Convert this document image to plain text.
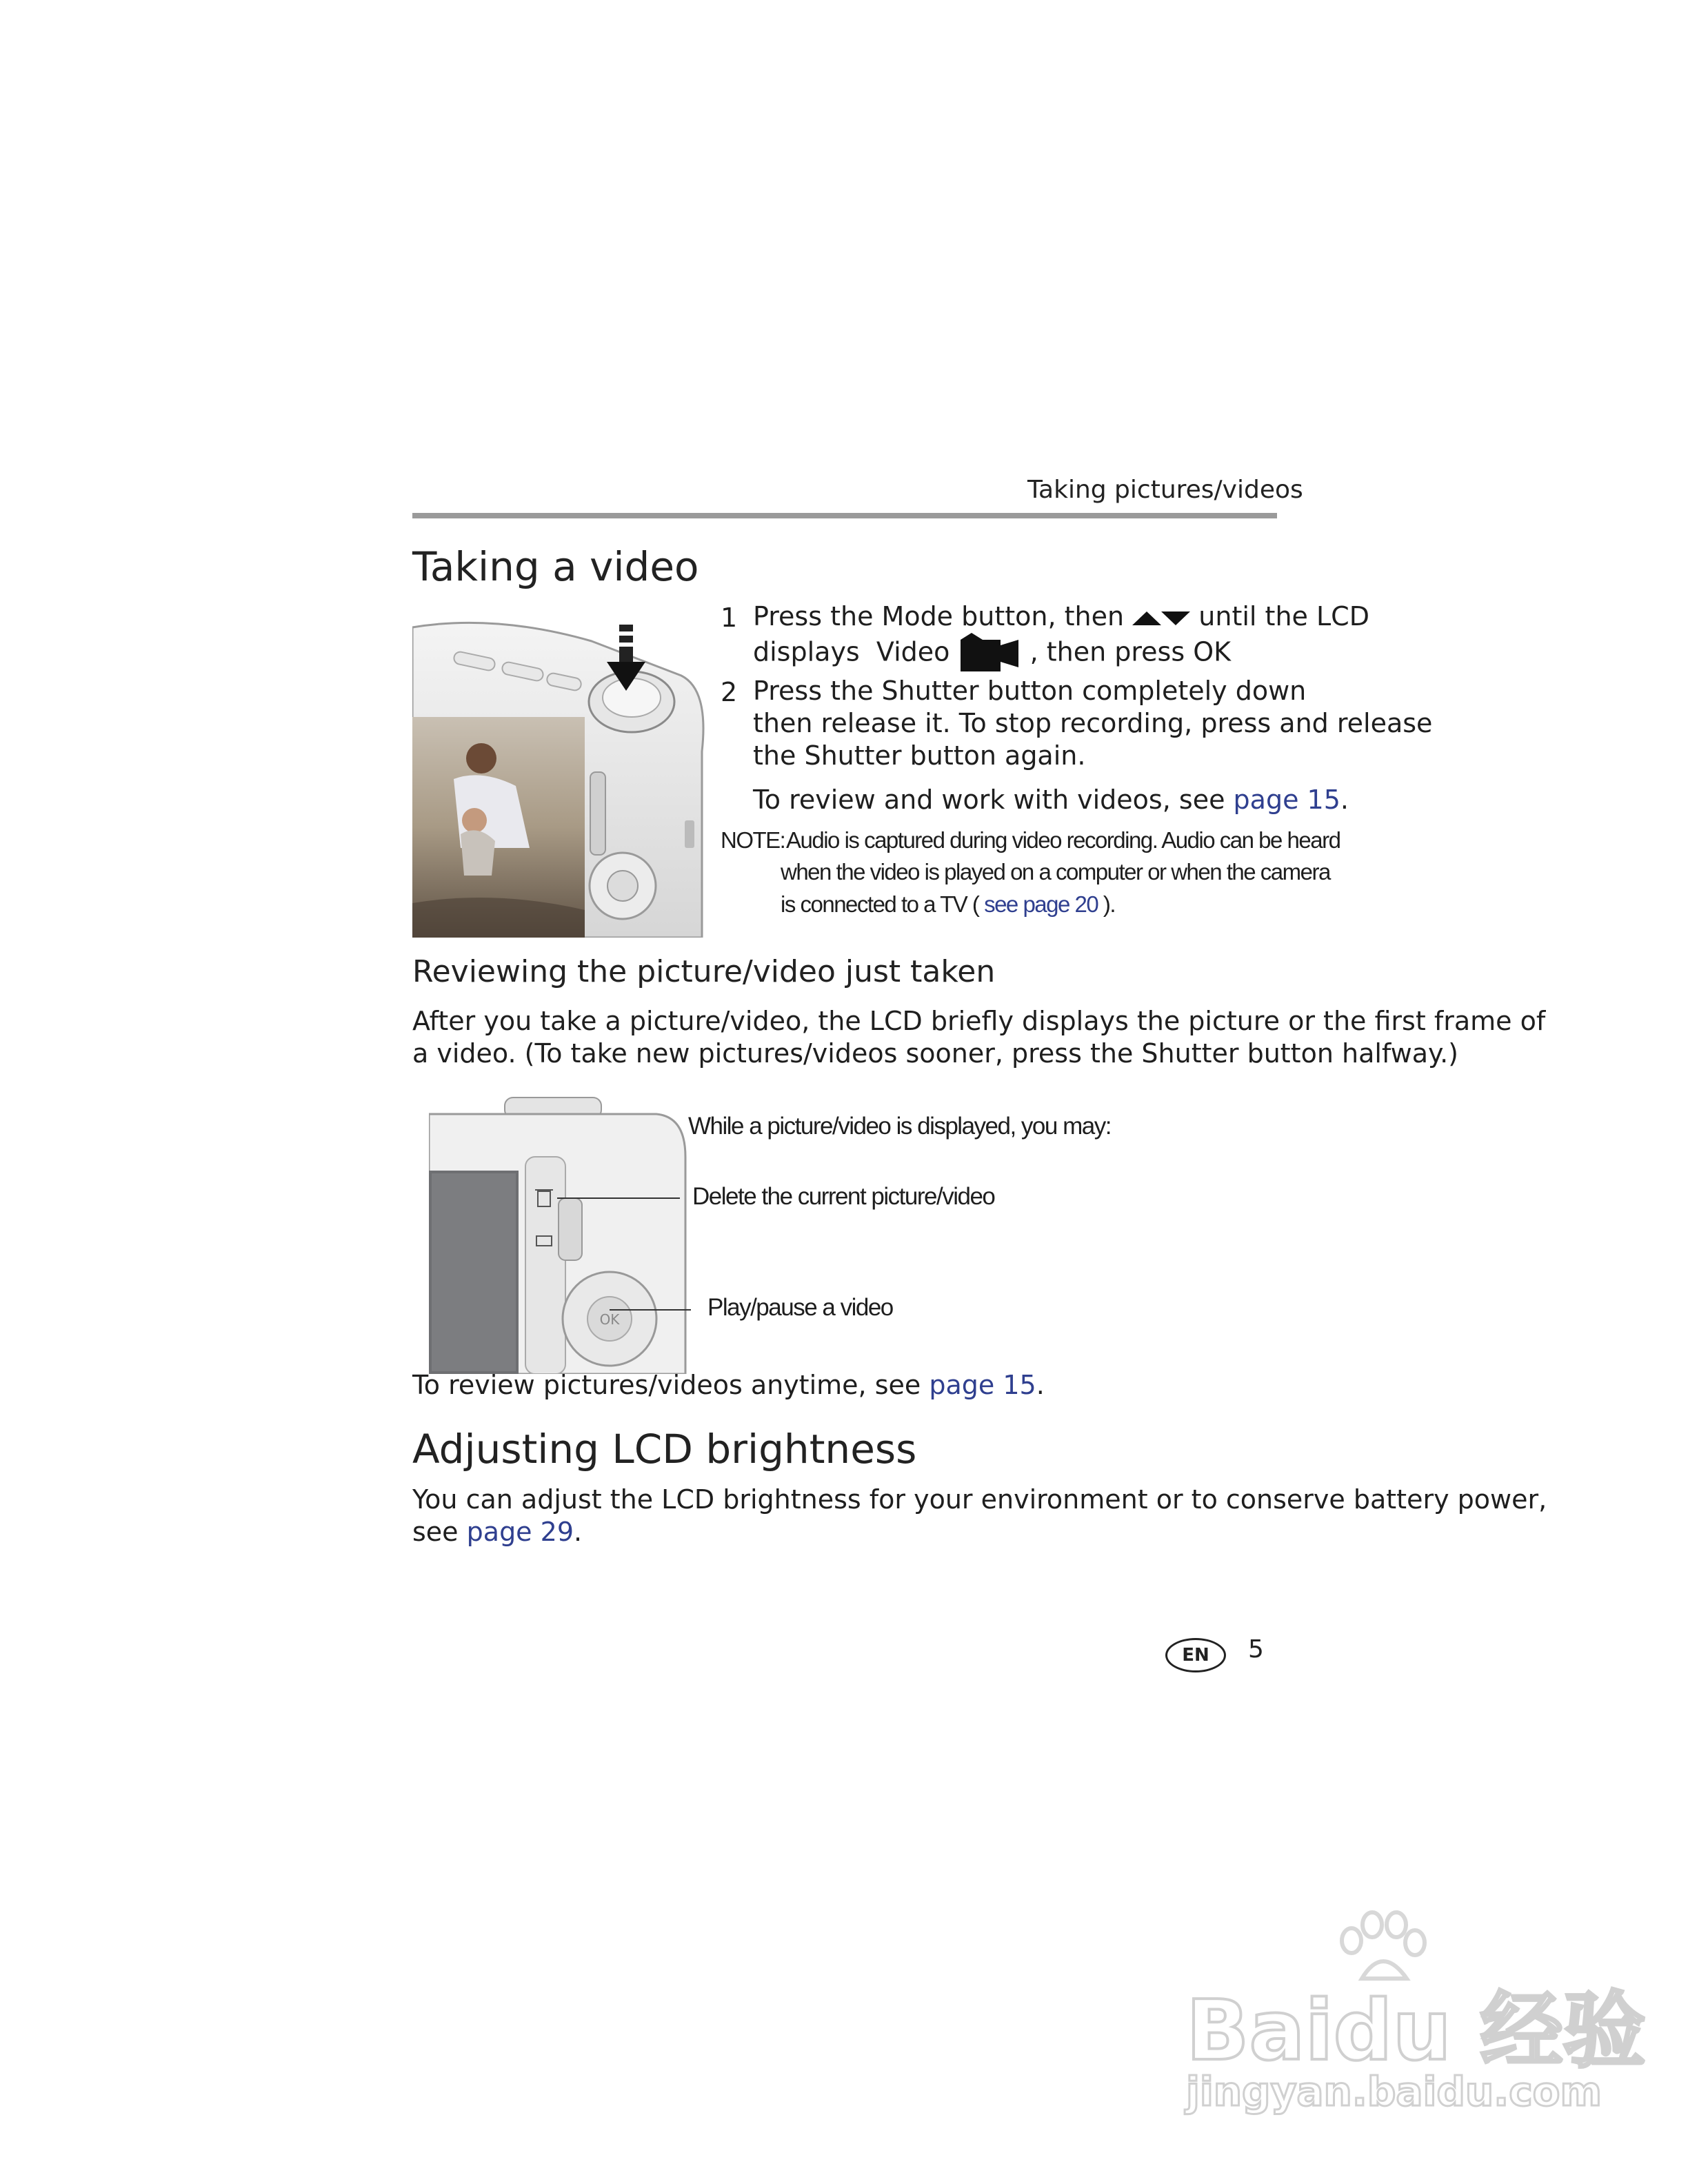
Taking pictures/videos
Taking a video
1 Press the Mode button, then	until the LCD
displays Video	, then press OK
2 Press the Shutter button completely down
then release it. To stop recording, press and release
the Shutter button again.
To review and work with videos, see page 15.
NOTE: Audio is captured during video recording. Audio can be heard
when the video is played on a computer or when the camera
is connected to a TV ( see page 20 ).
Reviewing the picture/video just taken
After you take a picture/video, the LCD briefly displays the picture or the first frame of
a video. (To take new pictures/videos sooner, press the Shutter button halfway.)
OK
While a picture/video is displayed, you may:
Delete the current picture/video
Play/pause a video
To review pictures/videos anytime, see page 15.
Adjusting LCD brightness
You can adjust the LCD brightness for your environment or to conserve battery power,
see page 29.
EN	5
Baidu 经验
jingyan.baidu.com
